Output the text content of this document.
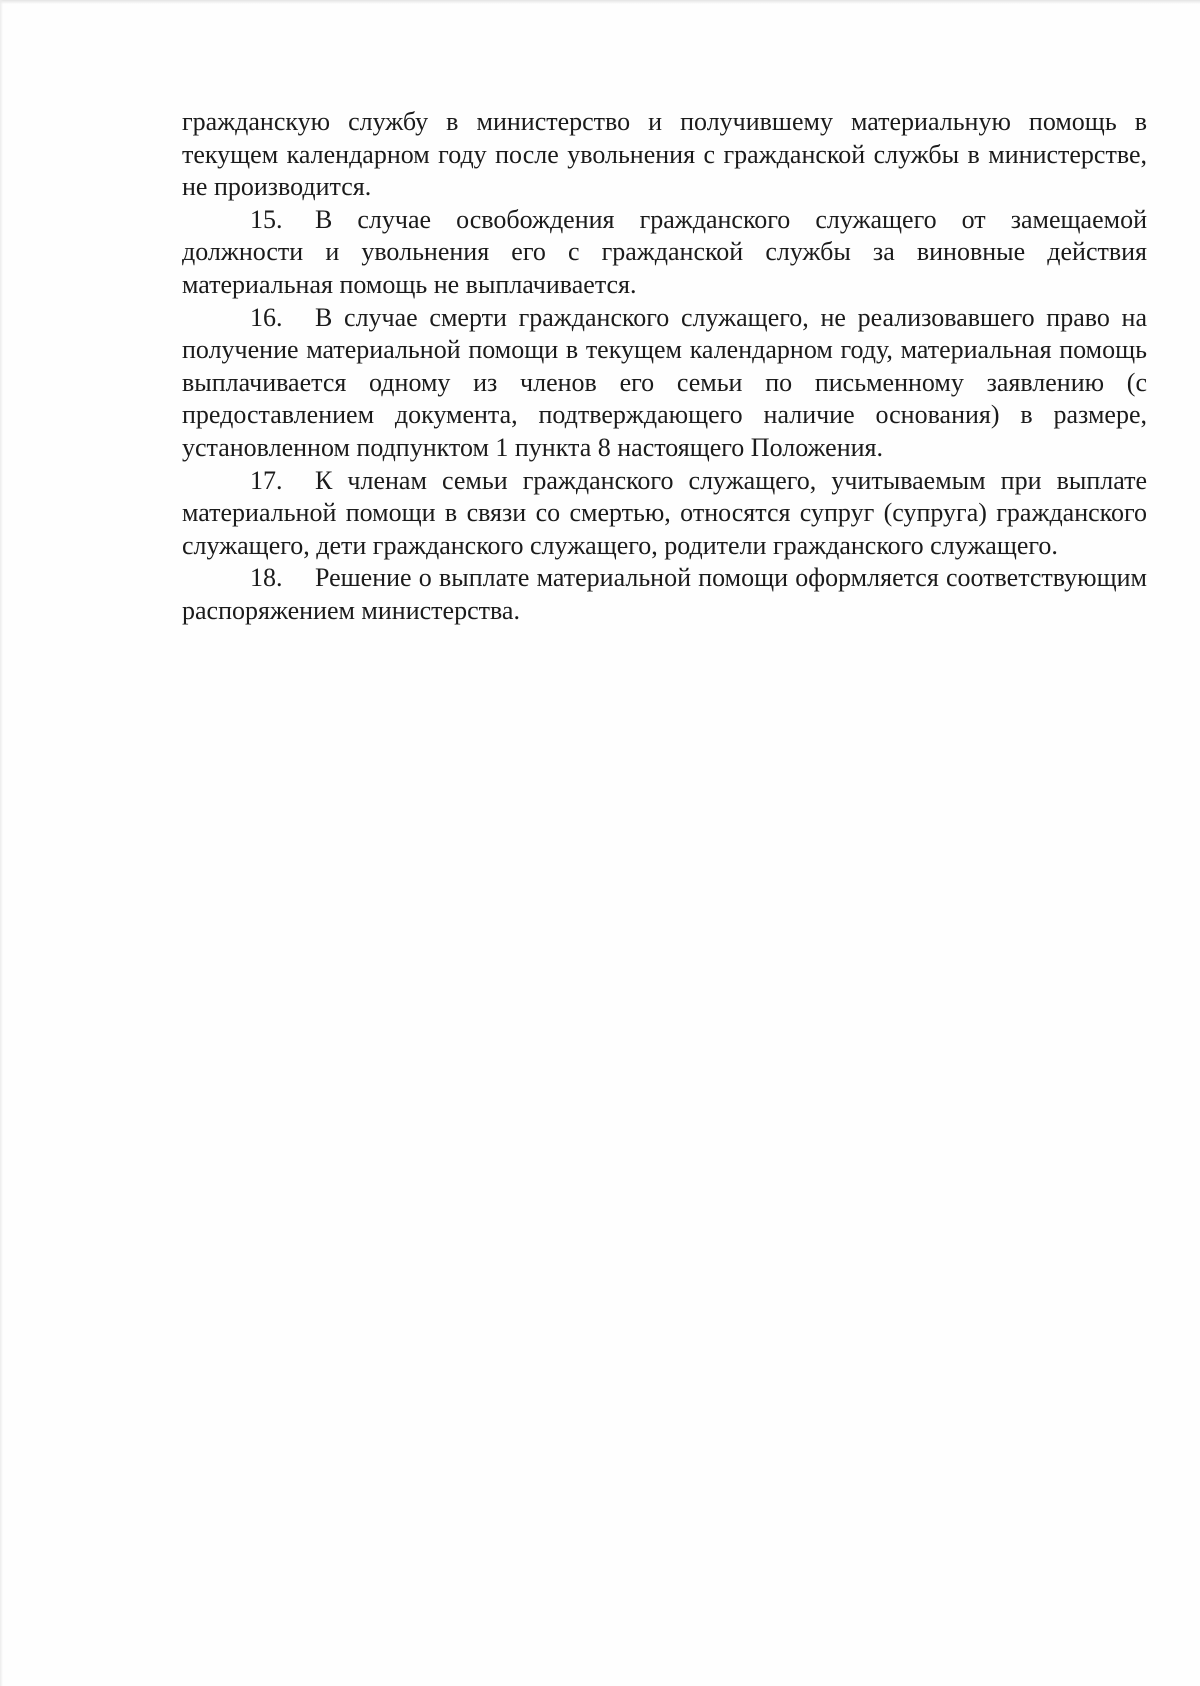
гражданскую службу в министерство и получившему материальную помощь в текущем календарном году после увольнения с гражданской службы в министерстве, не производится.

15. В случае освобождения гражданского служащего от замещаемой должности и увольнения его с гражданской службы за виновные действия материальная помощь не выплачивается.

16. В случае смерти гражданского служащего, не реализовавшего право на получение материальной помощи в текущем календарном году, материальная помощь выплачивается одному из членов его семьи по письменному заявлению (с предоставлением документа, подтверждающего наличие основания) в размере, установленном подпунктом 1 пункта 8 настоящего Положения.

17. К членам семьи гражданского служащего, учитываемым при выплате материальной помощи в связи со смертью, относятся супруг (супруга) гражданского служащего, дети гражданского служащего, родители гражданского служащего.

18. Решение о выплате материальной помощи оформляется соответствующим распоряжением министерства.
